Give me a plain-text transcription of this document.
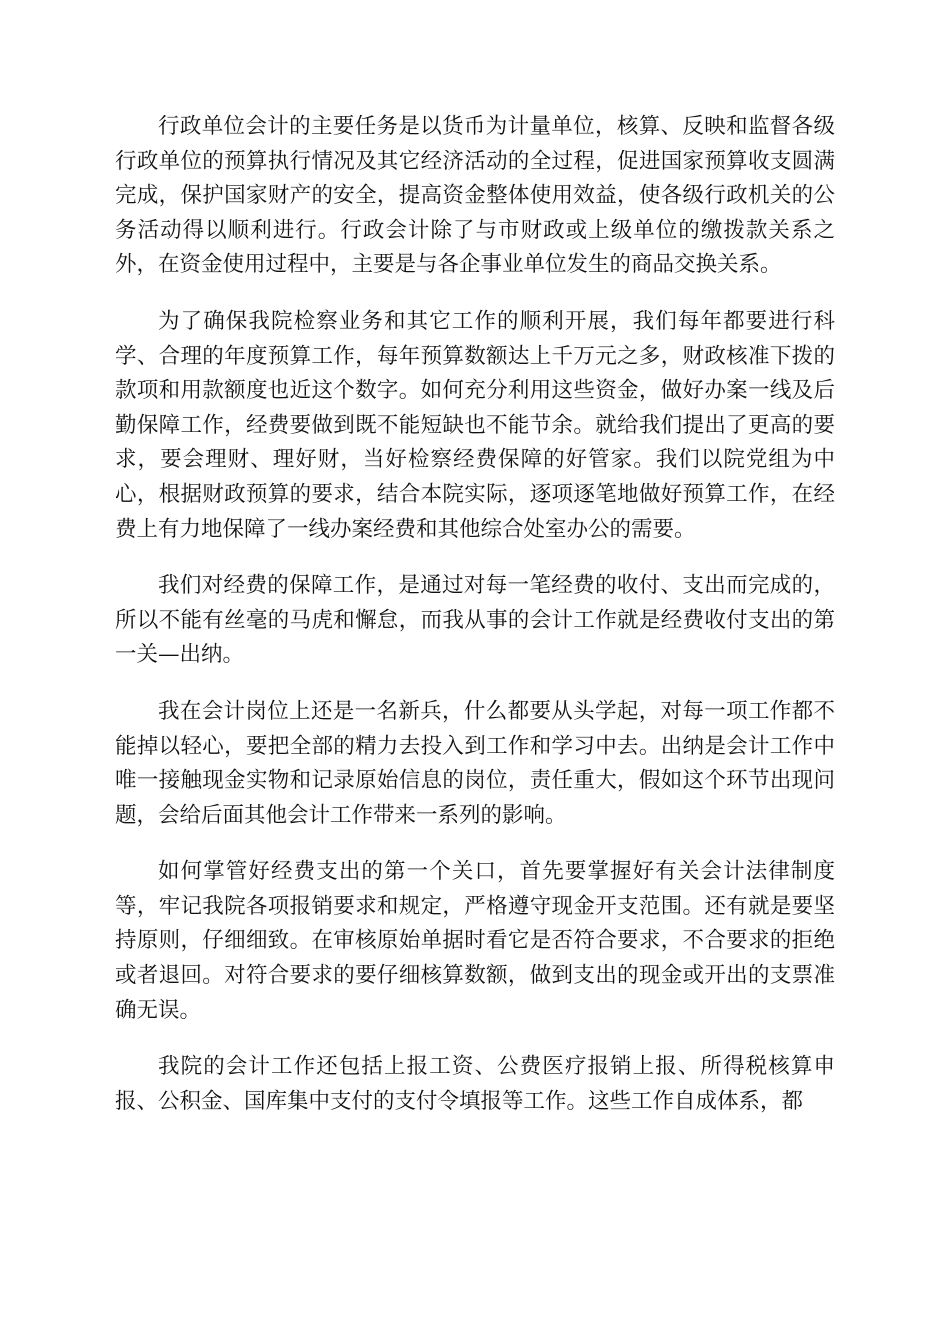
行政单位会计的主要任务是以货币为计量单位，核算、反映和监督各级行政单位的预算执行情况及其它经济活动的全过程，促进国家预算收支圆满完成，保护国家财产的安全，提高资金整体使用效益，使各级行政机关的公务活动得以顺利进行。行政会计除了与市财政或上级单位的缴拨款关系之外，在资金使用过程中，主要是与各企事业单位发生的商品交换关系。

为了确保我院检察业务和其它工作的顺利开展，我们每年都要进行科学、合理的年度预算工作，每年预算数额达上千万元之多，财政核准下拨的款项和用款额度也近这个数字。如何充分利用这些资金，做好办案一线及后勤保障工作，经费要做到既不能短缺也不能节余。就给我们提出了更高的要求，要会理财、理好财，当好检察经费保障的好管家。我们以院党组为中心，根据财政预算的要求，结合本院实际，逐项逐笔地做好预算工作，在经费上有力地保障了一线办案经费和其他综合处室办公的需要。

我们对经费的保障工作，是通过对每一笔经费的收付、支出而完成的，所以不能有丝毫的马虎和懈怠，而我从事的会计工作就是经费收付支出的第一关—出纳。

我在会计岗位上还是一名新兵，什么都要从头学起，对每一项工作都不能掉以轻心，要把全部的精力去投入到工作和学习中去。出纳是会计工作中唯一接触现金实物和记录原始信息的岗位，责任重大，假如这个环节出现问题，会给后面其他会计工作带来一系列的影响。

如何掌管好经费支出的第一个关口，首先要掌握好有关会计法律制度等，牢记我院各项报销要求和规定，严格遵守现金开支范围。还有就是要坚持原则，仔细细致。在审核原始单据时看它是否符合要求，不合要求的拒绝或者退回。对符合要求的要仔细核算数额，做到支出的现金或开出的支票准确无误。

我院的会计工作还包括上报工资、公费医疗报销上报、所得税核算申报、公积金、国库集中支付的支付令填报等工作。这些工作自成体系，都
